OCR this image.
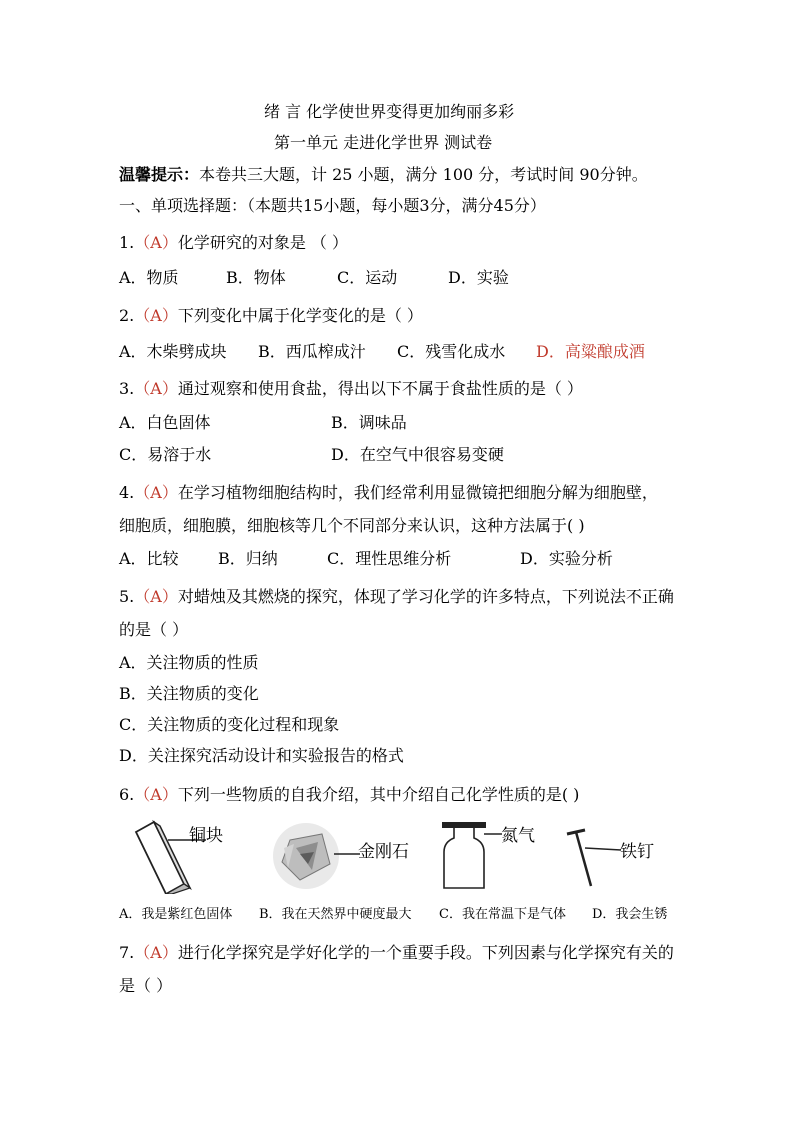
绪 言 化学使世界变得更加绚丽多彩
第一单元 走进化学世界 测试卷
温馨提示：本卷共三大题，计 25 小题，满分 100 分，考试时间 90分钟。
一、单项选择题：（本题共15小题，每小题3分，满分45分）
1.（A）化学研究的对象是 （ ）
A．物质	B．物体	C．运动	D．实验
2.（A）下列变化中属于化学变化的是（ ）
A．木柴劈成块 B．西瓜榨成汁 C．残雪化成水 D．高粱酿成酒
3.（A）通过观察和使用食盐，得出以下不属于食盐性质的是（ ）
A．白色固体	B．调味品
C．易溶于水	D．在空气中很容易变硬
4.（A）在学习植物细胞结构时，我们经常利用显微镜把细胞分解为细胞壁，
细胞质，细胞膜，细胞核等几个不同部分来认识，这种方法属于( )
A．比较 B．归纳	C．理性思维分析	D．实验分析
5.（A）对蜡烛及其燃烧的探究，体现了学习化学的许多特点，下列说法不正确
的是（ ）
A．关注物质的性质
B．关注物质的变化
C．关注物质的变化过程和现象
D．关注探究活动设计和实验报告的格式
6.（A）下列一些物质的自我介绍，其中介绍自己化学性质的是( )
铜块
金刚石
氮气
铁钉
A．我是紫红色固体 B．我在天然界中硬度最大 C．我在常温下是气体 D．我会生锈
7.（A）进行化学探究是学好化学的一个重要手段。下列因素与化学探究有关的
是（ ）
